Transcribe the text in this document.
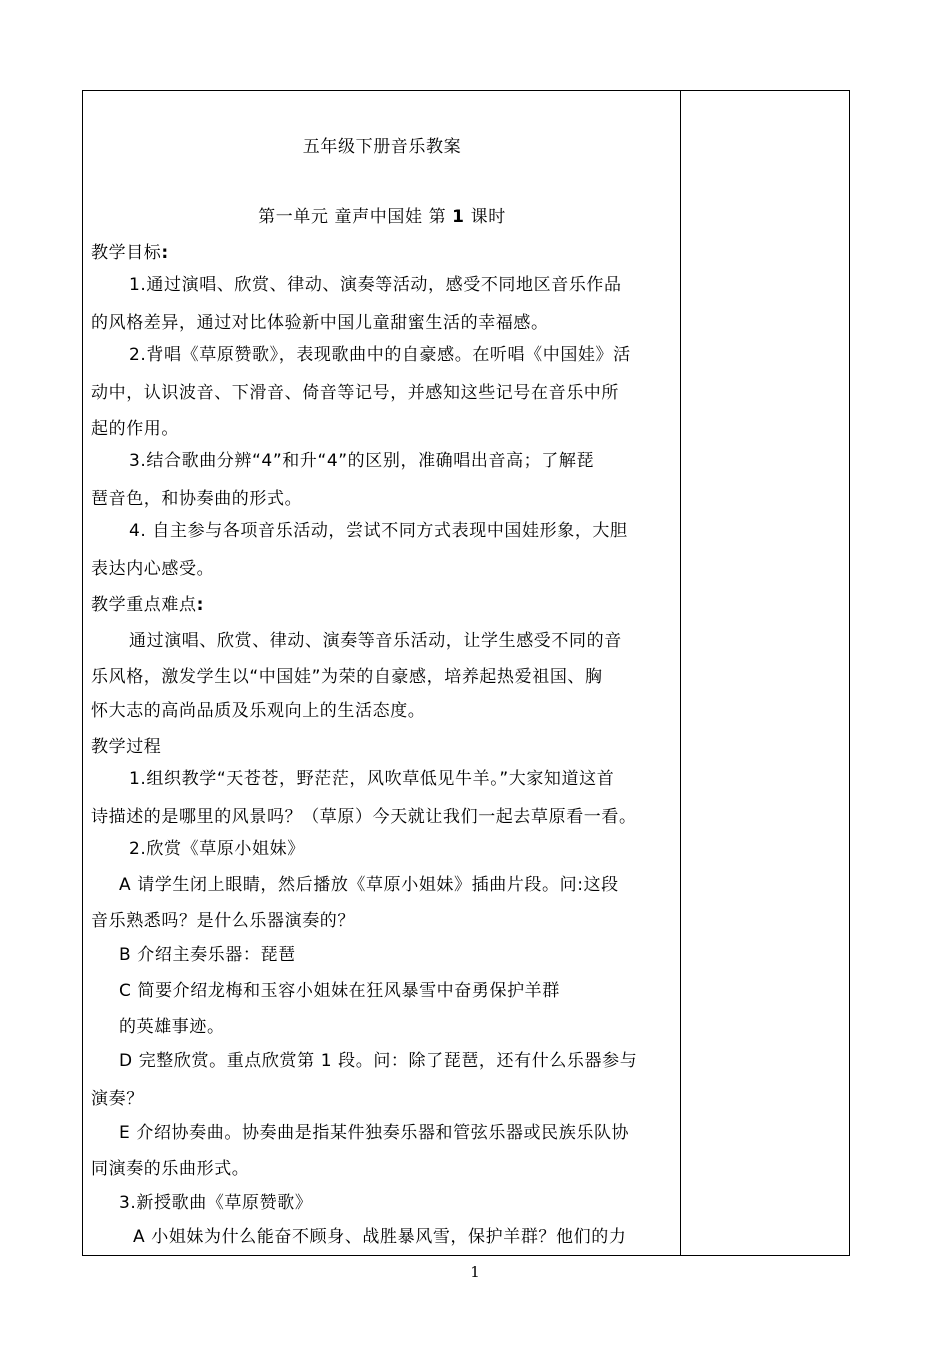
五年级下册音乐教案
第一单元 童声中国娃 第 1 课时
教学目标:
1.通过演唱、欣赏、律动、演奏等活动，感受不同地区音乐作品
的风格差异，通过对比体验新中国儿童甜蜜生活的幸福感。
2.背唱《草原赞歌》，表现歌曲中的自豪感。在听唱《中国娃》活
动中，认识波音、下滑音、倚音等记号，并感知这些记号在音乐中所
起的作用。
3.结合歌曲分辨“4”和升“4”的区别，准确唱出音高；了解琵
琶音色，和协奏曲的形式。
4. 自主参与各项音乐活动，尝试不同方式表现中国娃形象，大胆
表达内心感受。
教学重点难点:
通过演唱、欣赏、律动、演奏等音乐活动，让学生感受不同的音
乐风格，激发学生以“中国娃”为荣的自豪感，培养起热爱祖国、胸
怀大志的高尚品质及乐观向上的生活态度。
教学过程
1.组织教学“天苍苍，野茫茫，风吹草低见牛羊。”大家知道这首
诗描述的是哪里的风景吗？（草原）今天就让我们一起去草原看一看。
2.欣赏《草原小姐妹》
A 请学生闭上眼睛，然后播放《草原小姐妹》插曲片段。问:这段
音乐熟悉吗？是什么乐器演奏的？
B 介绍主奏乐器：琵琶
C 简要介绍龙梅和玉容小姐妹在狂风暴雪中奋勇保护羊群
的英雄事迹。
D 完整欣赏。重点欣赏第 1 段。问：除了琵琶，还有什么乐器参与
演奏？
E 介绍协奏曲。协奏曲是指某件独奏乐器和管弦乐器或民族乐队协
同演奏的乐曲形式。
3.新授歌曲《草原赞歌》
A 小姐妹为什么能奋不顾身、战胜暴风雪，保护羊群？他们的力
1
